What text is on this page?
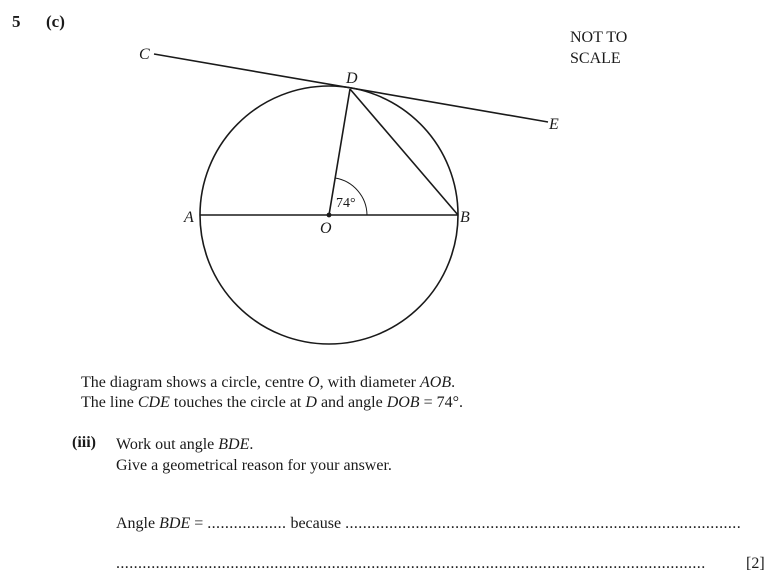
5 (c)
NOT TO
SCALE
C
D
E
A	B
O
74°
The diagram shows a circle, centre O, with diameter AOB.
The line CDE touches the circle at D and angle DOB = 74°.
(iii) Work out angle BDE.
Give a geometrical reason for your answer.
Angle BDE = .................. because ..........................................................................................
......................................................................................................................................	[2]
